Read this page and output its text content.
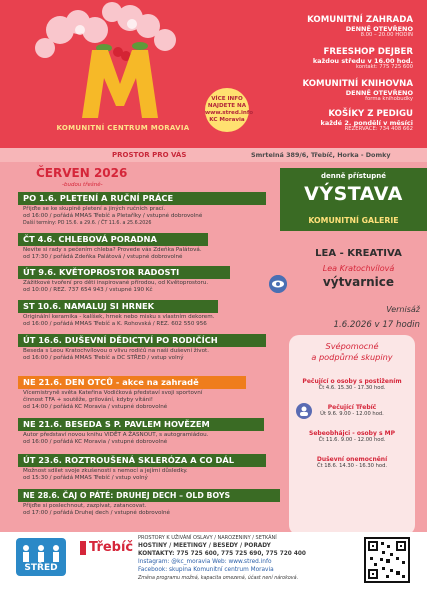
KOMUNITNÍ CENTRUM MORAVIA
VÍCE INFO
NAJDETE NA
www.stred.info
KC Moravia
KOMUNITNÍ ZAHRADA
DENNĚ OTEVŘENO
8.00 – 20.00 HODIN
FREESHOP DEJBER
každou středu v 16.00 hod.
kontakt: 775 725 600
KOMUNITNÍ KNIHOVNA
DENNĚ OTEVŘENO
forma knihobudky
KOŠÍKY Z PEDIGU
každé 2. pondělí v měsíci
REZERVACE: 734 408 662
PROSTOR PRO VÁS	Smrtelná 389/6, Třebíč, Horka - Domky
ČERVEN 2026
-budou třešně-
PO 1.6. PLETENÍ A RUČNÍ PRÁCE
Přijďte se ke skupině pletení a jiných ručních prací.
od 16:00 / pořádá MMAS Třebíč a Pletaříky / vstupné dobrovolné
Další termíny: PO 15.6. a 29.6. / ČT 11.6. a 25.6.2026
ČT 4.6. CHLEBOVÁ PORADNA
Nevíte si rady s pečením chleba? Provede vás Zdeňka Palátová.
od 17:30 / pořádá Zdeňka Palátová / vstupné dobrovolné
ÚT 9.6. KVĚTOPROSTOR RADOSTI
Zážitkové tvoření pro děti inspirované přírodou, od Květoprostoru.
od 10:00 / REZ. 737 654 943 / vstupné 190 Kč
ST 10.6. NAMALUJ SI HRNEK
Originální keramika - kalíšek, hrnek nebo misku s vlastním dekorem.
od 16:00 / pořádá MMAS Třebíč a K. Rohovská / REZ. 602 550 956
ÚT 16.6. DUŠEVNÍ DĚDICTVÍ PO RODIČÍCH
Beseda s Leou Kratochvílovou o vlivu rodičů na naši duševní život.
od 16:00 / pořádá MMAS Třebíč a DC STŘED / vstup volný
NE 21.6. DEN OTCŮ - akce na zahradě
Vícemistryně světa Kateřina Vodičková představí svoji sportovní
činnost TFA + soutěže, grilování, kdyby vítáni!
od 14:00 / pořádá KC Moravia / vstupné dobrovolné
NE 21.6. BESEDA S P. PAVLEM HOVĚZEM
Autor představí novou knihu VIDĚT A ŽASNOUT, s autogramiádou.
od 16:00 / pořádá KC Moravia / vstupné dobrovolné
ÚT 23.6. ROZTROUŠENÁ SKLERÓZA A CO DÁL
Možnost sdílet svoje zkušenosti s nemocí a jejími důsledky.
od 15:30 / pořádá MMAS Třebíč / vstup volný
NE 28.6. ČAJ O PÁTÉ: DRUHEJ DECH – OLD BOYS
Přijďte si poslechnout, zazpívat, zatancovat.
od 17:00 / pořádá Druhej dech / vstupné dobrovolné
denně přístupné
VÝSTAVA
KOMUNITNÍ GALERIE
LEA - KREATIVA
Lea Kratochvílová
výtvarnice
Vernisáž
1.6.2026 v 17 hodin
Svépomocné
a podpůrné skupiny
Pečující o osoby s postižením
Čt 4.6. 15.30 - 17.30 hod.
Pečující Třebíč
Út 9.6. 9.00 - 12.00 hod.
Sebeobhájci - osoby s MP
Čt 11.6. 9.00 - 12.00 hod.
Duševní onemocnění
Čt 18.6. 14.30 - 16.30 hod.
STŘED
Třebíč
PROSTORY K UŽIVÁNÍ OSLAVY / NAROZENINY / SETKÁNÍ
HOSTINY / MEETINGY / BESEDY / PORADY
KONTAKTY: 775 725 600, 775 725 690, 775 720 400
Instagram: @kc_moravia Web: www.stred.info
Facebook: skupina Komunitní centrum Moravia
Změna programu možná, kapacita omezená, účast není nároková.
